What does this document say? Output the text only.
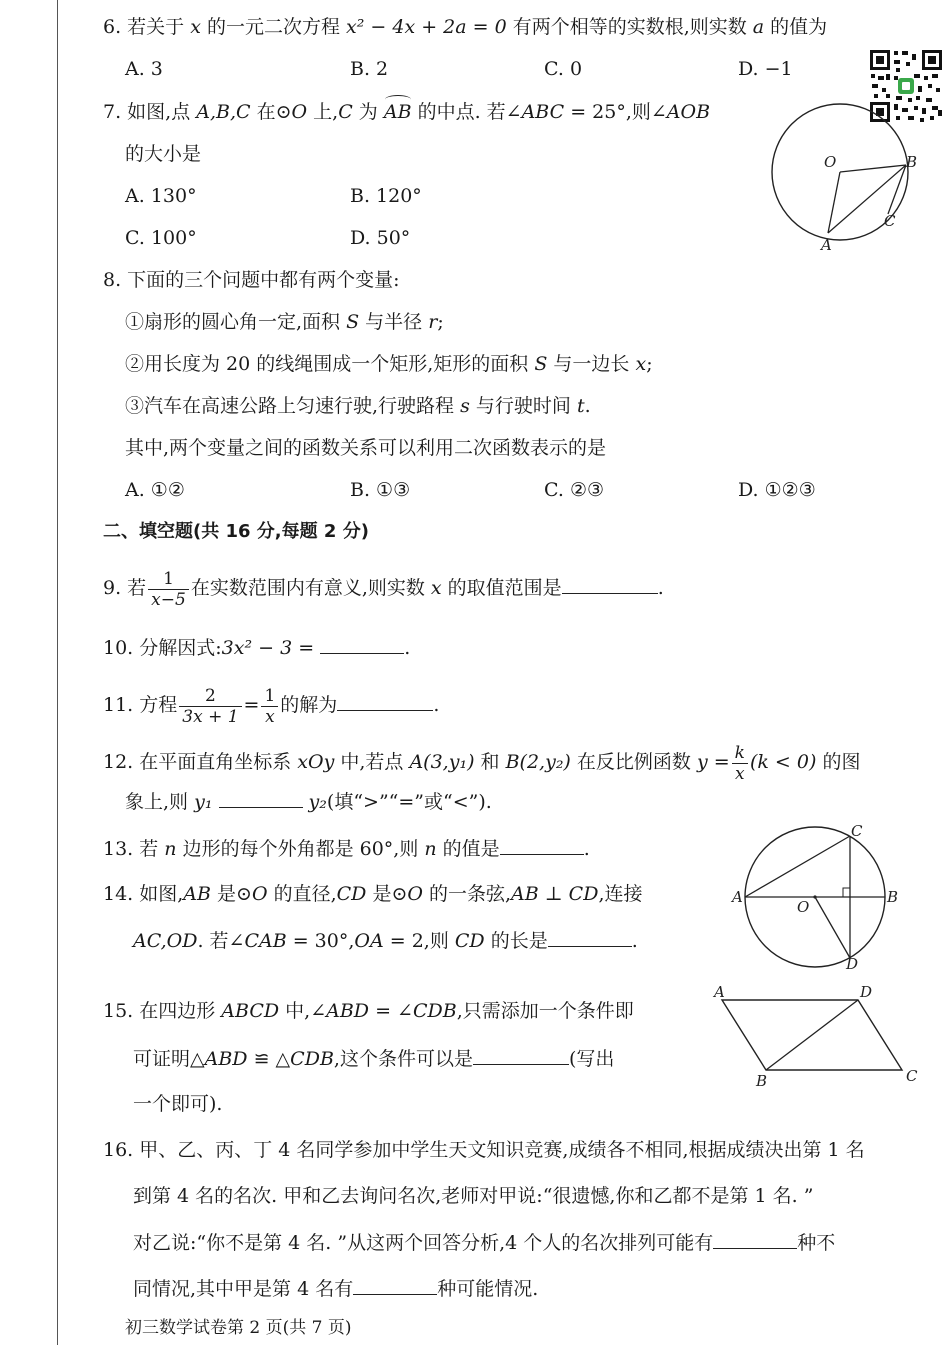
6. 若关于 x 的一元二次方程 x² − 4x + 2a = 0 有两个相等的实数根,则实数 a 的值为
A. 3	B. 2	C. 0	D. −1
7. 如图,点 A,B,C 在⊙O 上,C 为 AB 的中点. 若∠ABC = 25°,则∠AOB
的大小是
A. 130°	B. 120°
C. 100°	D. 50°
O	B
C
A
8. 下面的三个问题中都有两个变量:
①扇形的圆心角一定,面积 S 与半径 r;
②用长度为 20 的线绳围成一个矩形,矩形的面积 S 与一边长 x;
③汽车在高速公路上匀速行驶,行驶路程 s 与行驶时间 t.
其中,两个变量之间的函数关系可以利用二次函数表示的是
A. ①②	B. ①③	C. ②③	D. ①②③
二、填空题(共 16 分,每题 2 分)
9. 若 $\frac{1}{x-5}$ 在实数范围内有意义,则实数 x 的取值范围是	.
10. 分解因式:3x² − 3 =	.
11. 方程 $\frac{2}{3x + 1} = \frac{1}{x}$ 的解为	.
12. 在平面直角坐标系 xOy 中,若点 A(3,y₁) 和 B(2,y₂) 在反比例函数 $y = \frac{k}{x} (k < 0)$ 的图
象上,则 y₁	y₂(填“>”“=”或“<”).
13. 若 n 边形的每个外角都是 60°,则 n 的值是	.
14. 如图,AB 是⊙O 的直径,CD 是⊙O 的一条弦,AB ⊥ CD,连接
AC,OD. 若∠CAB = 30°,OA = 2,则 CD 的长是	.
A	B
C
D
O
15. 在四边形 ABCD 中,∠ABD = ∠CDB,只需添加一个条件即
可证明△ABD ≌ △CDB,这个条件可以是	(写出
一个即可).
A	D
B	C
16. 甲、乙、丙、丁 4 名同学参加中学生天文知识竞赛,成绩各不相同,根据成绩决出第 1 名
到第 4 名的名次. 甲和乙去询问名次,老师对甲说:“很遗憾,你和乙都不是第 1 名. ”
对乙说:“你不是第 4 名. ”从这两个回答分析,4 个人的名次排列可能有	种不
同情况,其中甲是第 4 名有	种可能情况.
初三数学试卷第 2 页(共 7 页)
